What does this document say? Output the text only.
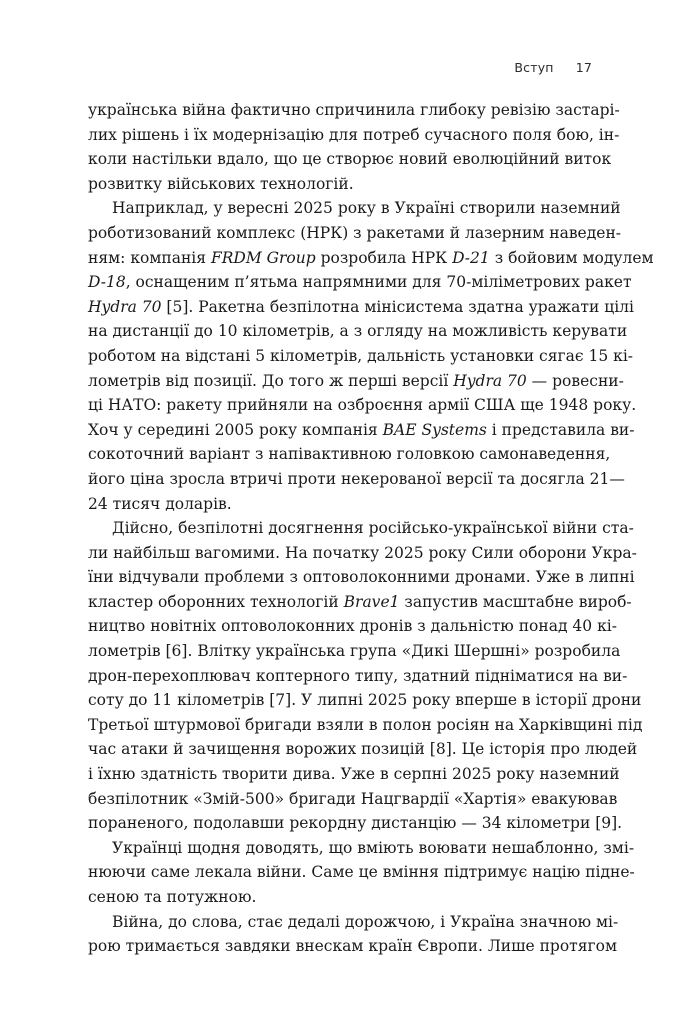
Вступ 17
українська війна фактично спричинила глибоку ревізію застарі-
лих рішень і їх модернізацію для потреб сучасного поля бою, ін-
коли настільки вдало, що це створює новий еволюційний виток
розвитку військових технологій.
Наприклад, у вересні 2025 року в Україні створили наземний
роботизований комплекс (НРК) з ракетами й лазерним наведен-
ням: компанія FRDM Group розробила НРК D-21 з бойовим модулем
D-18, оснащеним п’ятьма напрямними для 70-міліметрових ракет
Hydra 70 [5]. Ракетна безпілотна мінісистема здатна уражати цілі
на дистанції до 10 кілометрів, а з огляду на можливість керувати
роботом на відстані 5 кілометрів, дальність установки сягає 15 кі-
лометрів від позиції. До того ж перші версії Hydra 70 — ровесни-
ці НАТО: ракету прийняли на озброєння армії США ще 1948 року.
Хоч у середині 2005 року компанія BAE Systems і представила ви-
сокоточний варіант з напівактивною головкою самонаведення,
його ціна зросла втричі проти некерованої версії та досягла 21—
24 тисяч доларів.
Дійсно, безпілотні досягнення російсько-української війни ста-
ли найбільш вагомими. На початку 2025 року Сили оборони Укра-
їни відчували проблеми з оптоволоконними дронами. Уже в липні
кластер оборонних технологій Brave1 запустив масштабне вироб-
ництво новітніх оптоволоконних дронів з дальністю понад 40 кі-
лометрів [6]. Влітку українська група «Дикі Шершні» розробила
дрон-перехоплювач коптерного типу, здатний підніматися на ви-
соту до 11 кілометрів [7]. У липні 2025 року вперше в історії дрони
Третьої штурмової бригади взяли в полон росіян на Харківщині під
час атаки й зачищення ворожих позицій [8]. Це історія про людей
і їхню здатність творити дива. Уже в серпні 2025 року наземний
безпілотник «Змій-500» бригади Нацгвардії «Хартія» евакуював
пораненого, подолавши рекордну дистанцію — 34 кілометри [9].
Українці щодня доводять, що вміють воювати нешаблонно, змі-
нюючи саме лекала війни. Саме це вміння підтримує націю підне-
сеною та потужною.
Війна, до слова, стає дедалі дорожчою, і Україна значною мі-
рою тримається завдяки внескам країн Європи. Лише протягом
